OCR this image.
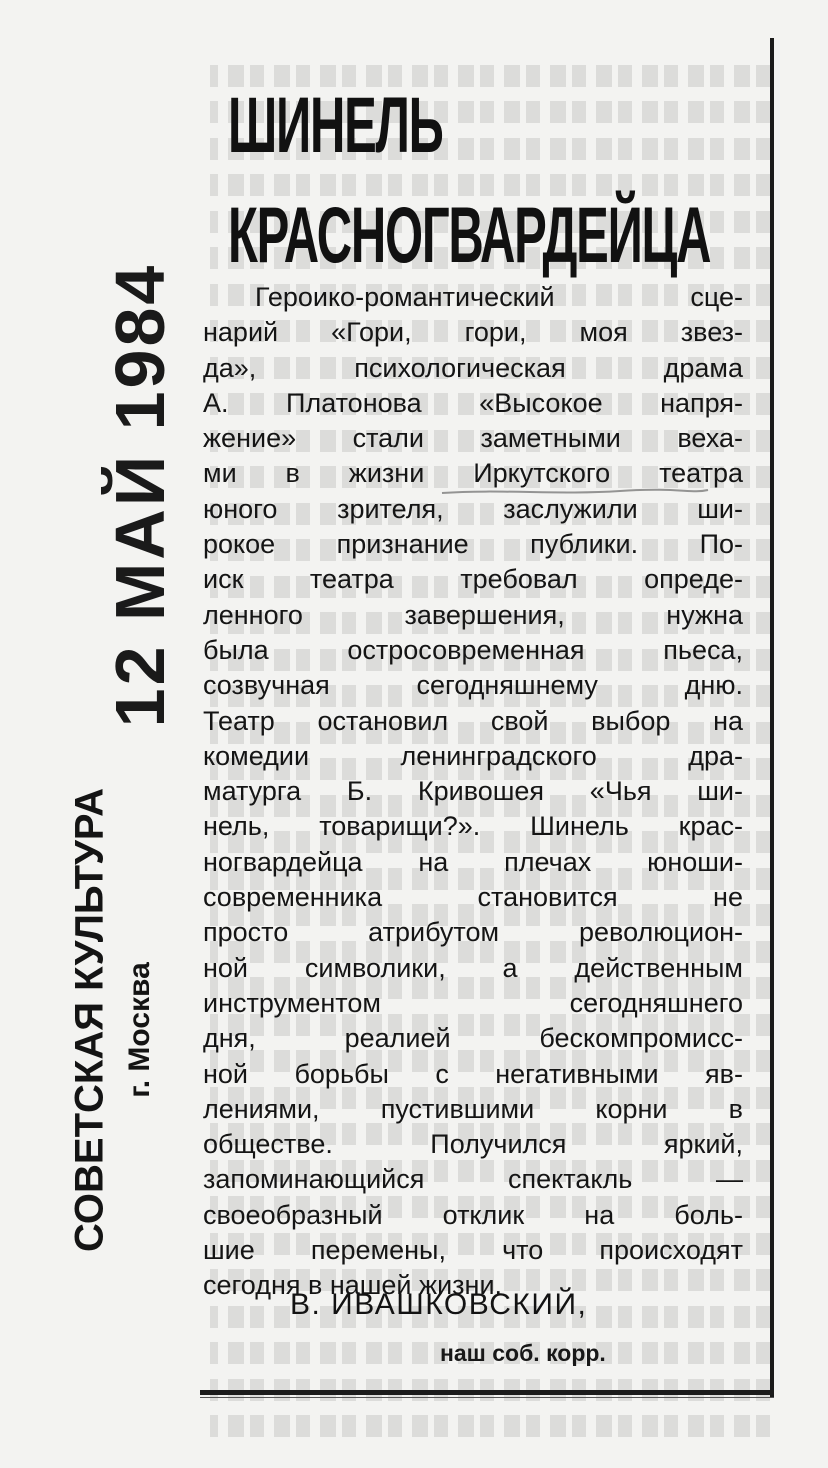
12 МАЙ 1984
СОВЕТСКАЯ КУЛЬТУРА г. Москва
ШИНЕЛЬ
КРАСНОГВАРДЕЙЦА

Героико-романтический сце-
нарий «Гори, гори, моя звез-
да», психологическая драма
А. Платонова «Высокое напря-
жение» стали заметными веха-
ми в жизни Иркутского театра
юного зрителя, заслужили ши-
рокое признание публики. По-
иск театра требовал опреде-
ленного завершения, нужна
была остросовременная пьеса,
созвучная сегодняшнему дню.
Театр остановил свой выбор на
комедии ленинградского дра-
матурга Б. Кривошея «Чья ши-
нель, товарищи?». Шинель крас-
ногвардейца на плечах юноши-
современника становится не
просто атрибутом революцион-
ной символики, а действенным
инструментом сегодняшнего
дня, реалией бескомпромисс-
ной борьбы с негативными яв-
лениями, пустившими корни в
обществе. Получился яркий,
запоминающийся спектакль —
своеобразный отклик на боль-
шие перемены, что происходят
сегодня в нашей жизни.

В. ИВАШКОВСКИЙ,
наш соб. корр.
